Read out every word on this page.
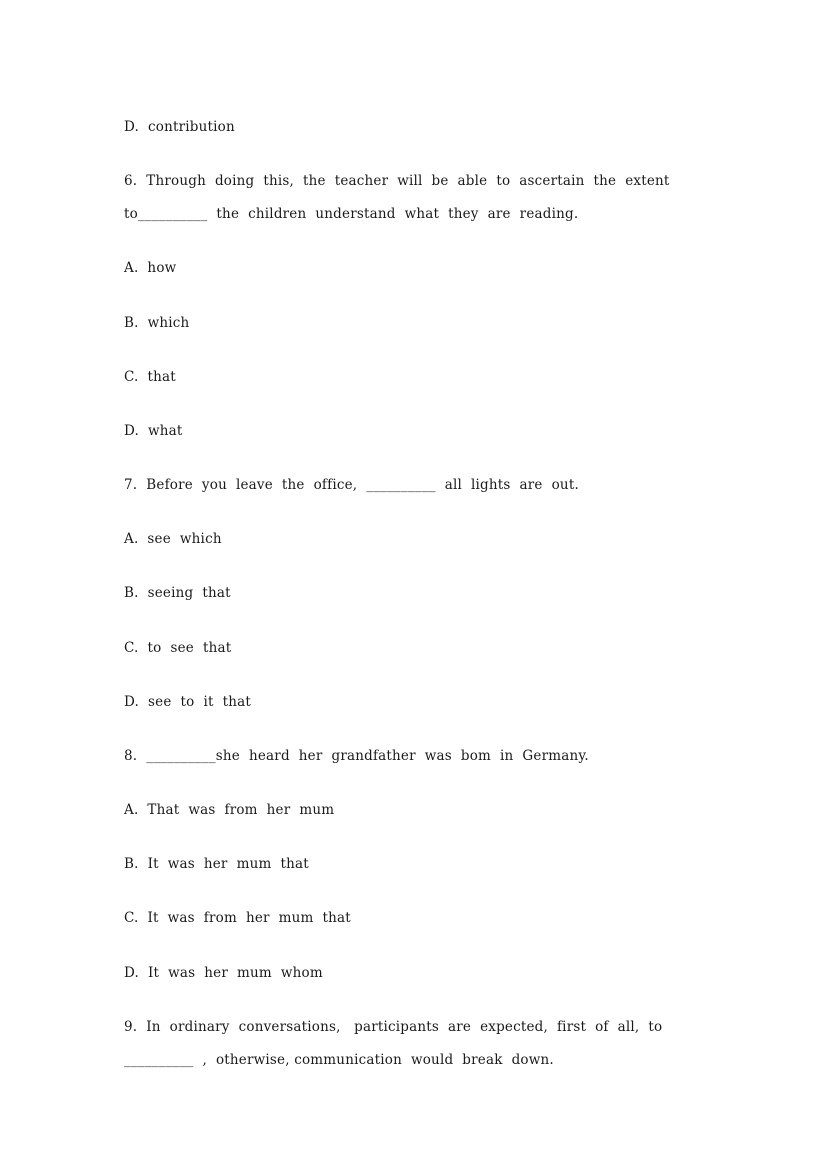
D.  contribution
6.  Through  doing  this,  the  teacher  will  be  able  to  ascertain  the  extent
to__________  the  children  understand  what  they  are  reading.
A.  how
B.  which
C.  that
D.  what
7.  Before  you  leave  the  office,  __________  all  lights  are  out.
A.  see  which
B.  seeing  that
C.  to  see  that
D.  see  to  it  that
8.  __________she  heard  her  grandfather  was  bom  in  Germany.
A.  That  was  from  her  mum
B.  It  was  her  mum  that
C.  It  was  from  her  mum  that
D.  It  was  her  mum  whom
9.  In  ordinary  conversations,   participants  are  expected,  first  of  all,  to
__________  ,  otherwise, communication  would  break  down.
